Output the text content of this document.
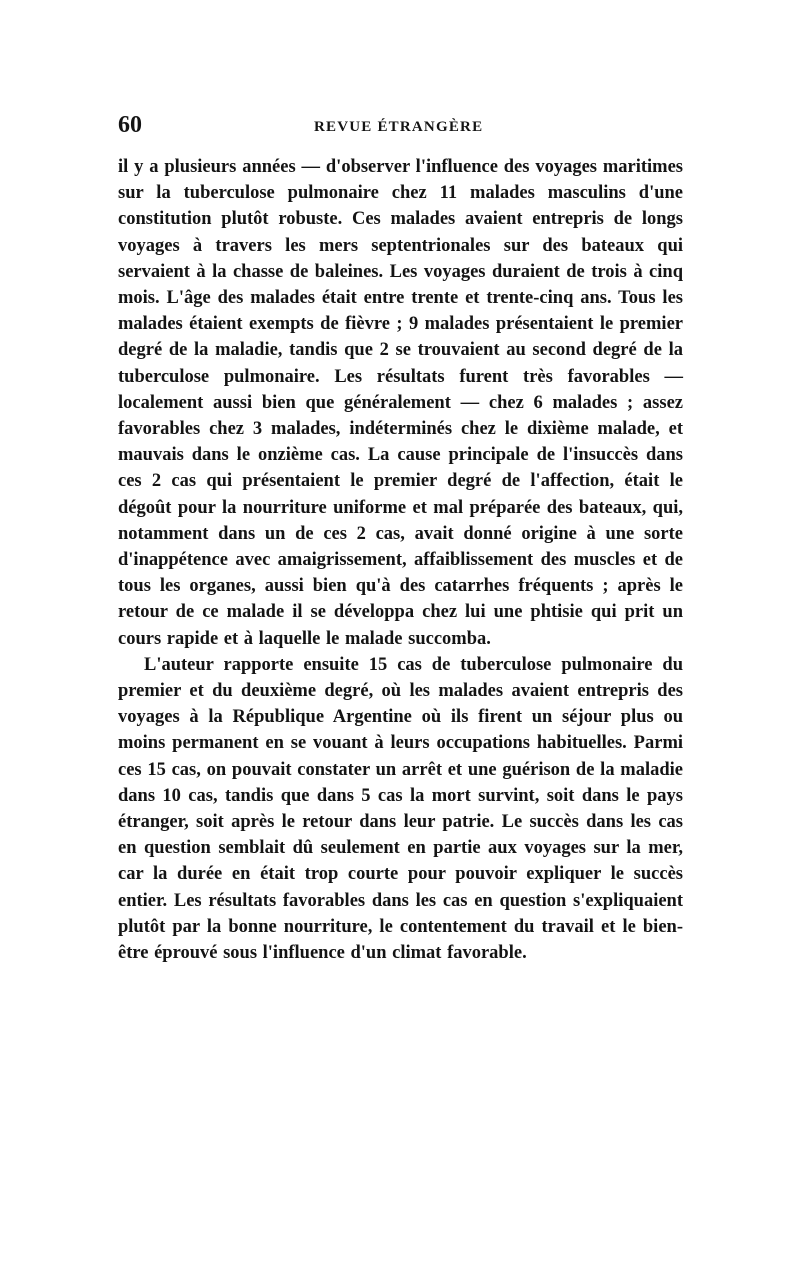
60	REVUE ÉTRANGÈRE

il y a plusieurs années — d'observer l'influence des voyages maritimes sur la tuberculose pulmonaire chez 11 malades masculins d'une constitution plutôt robuste. Ces malades avaient entrepris de longs voyages à travers les mers septentrionales sur des bateaux qui servaient à la chasse de baleines. Les voyages duraient de trois à cinq mois. L'âge des malades était entre trente et trente-cinq ans. Tous les malades étaient exempts de fièvre ; 9 malades présentaient le premier degré de la maladie, tandis que 2 se trouvaient au second degré de la tuberculose pulmonaire. Les résultats furent très favorables — localement aussi bien que généralement — chez 6 malades ; assez favorables chez 3 malades, indéterminés chez le dixième malade, et mauvais dans le onzième cas. La cause principale de l'insuccès dans ces 2 cas qui présentaient le premier degré de l'affection, était le dégoût pour la nourriture uniforme et mal préparée des bateaux, qui, notamment dans un de ces 2 cas, avait donné origine à une sorte d'inappétence avec amaigrissement, affaiblissement des muscles et de tous les organes, aussi bien qu'à des catarrhes fréquents ; après le retour de ce malade il se développa chez lui une phtisie qui prit un cours rapide et à laquelle le malade succomba.

L'auteur rapporte ensuite 15 cas de tuberculose pulmonaire du premier et du deuxième degré, où les malades avaient entrepris des voyages à la République Argentine où ils firent un séjour plus ou moins permanent en se vouant à leurs occupations habituelles. Parmi ces 15 cas, on pouvait constater un arrêt et une guérison de la maladie dans 10 cas, tandis que dans 5 cas la mort survint, soit dans le pays étranger, soit après le retour dans leur patrie. Le succès dans les cas en question semblait dû seulement en partie aux voyages sur la mer, car la durée en était trop courte pour pouvoir expliquer le succès entier. Les résultats favorables dans les cas en question s'expliquaient plutôt par la bonne nourriture, le contentement du travail et le bien-être éprouvé sous l'influence d'un climat favorable.
